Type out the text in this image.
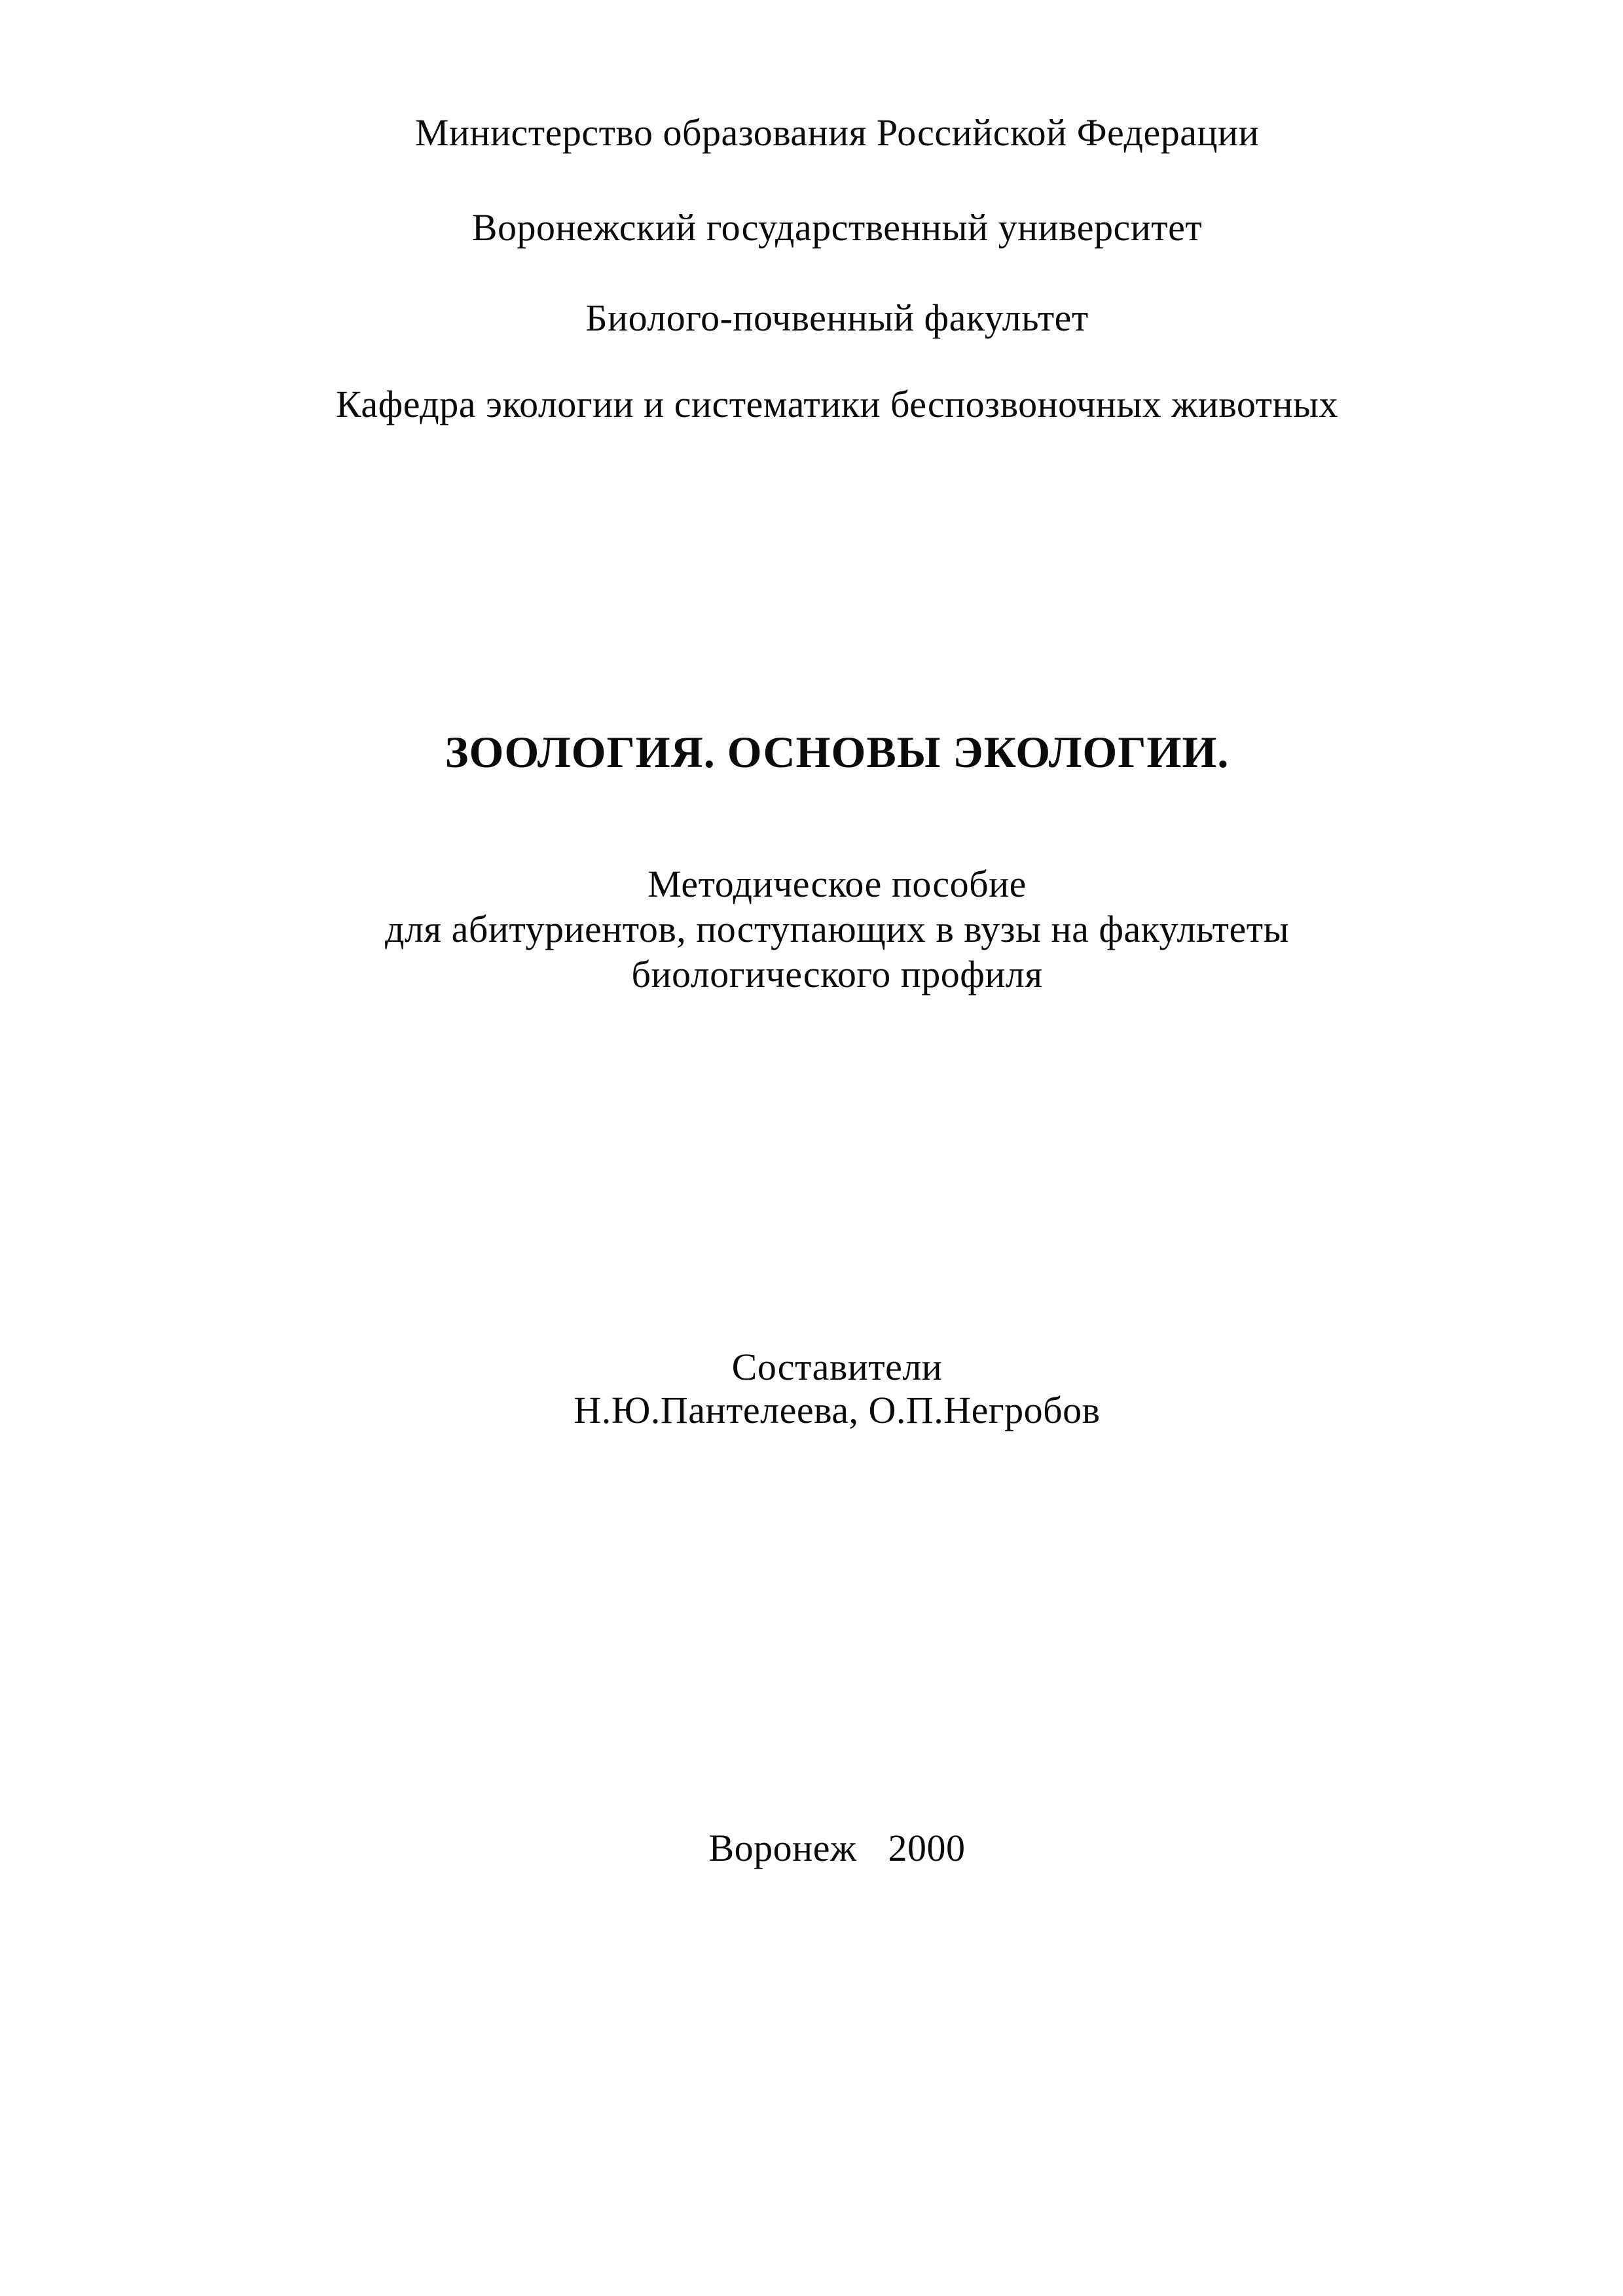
Министерство образования Российской Федерации
Воронежский государственный университет
Биолого-почвенный факультет
Кафедра экологии и систематики беспозвоночных животных
ЗООЛОГИЯ. ОСНОВЫ ЭКОЛОГИИ.
Методическое пособие
для абитуриентов, поступающих в вузы на факультеты
биологического профиля
Составители
Н.Ю.Пантелеева, О.П.Негробов
Воронеж 2000
